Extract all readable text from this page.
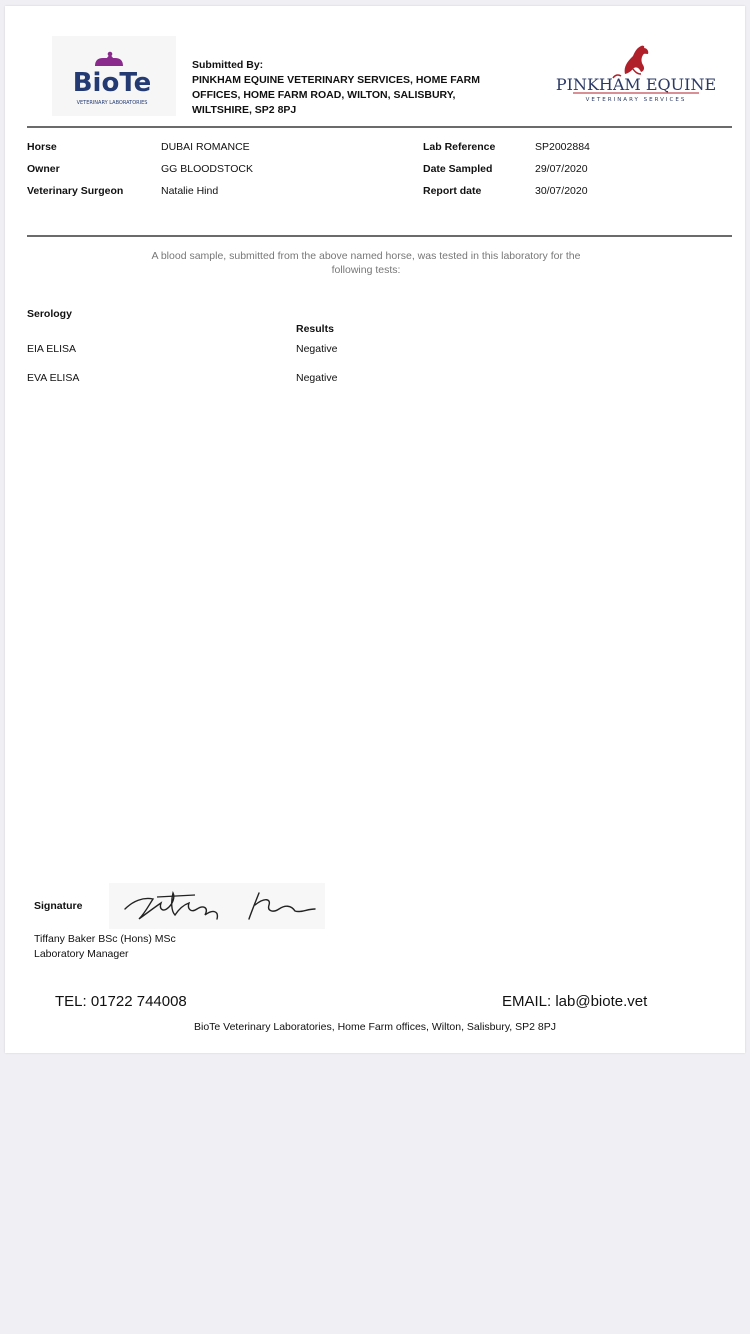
BioTe
VETERINARY LABORATORIES
Submitted By:
PINKHAM EQUINE VETERINARY SERVICES, HOME FARM OFFICES, HOME FARM ROAD, WILTON, SALISBURY, WILTSHIRE, SP2 8PJ
PINKHAM EQUINE
VETERINARY SERVICES
Horse	DUBAI ROMANCE
Owner	GG BLOODSTOCK
Veterinary Surgeon	Natalie Hind
Lab Reference	SP2002884
Date Sampled	29/07/2020
Report date	30/07/2020
A blood sample, submitted from the above named horse, was tested in this laboratory for the following tests:
Serology
Results
EIA ELISA	Negative
EVA ELISA	Negative
Signature
Tiffany Baker BSc (Hons) MSc
Laboratory Manager
TEL: 01722 744008	EMAIL: lab@biote.vet
BioTe Veterinary Laboratories, Home Farm offices, Wilton, Salisbury, SP2 8PJ
